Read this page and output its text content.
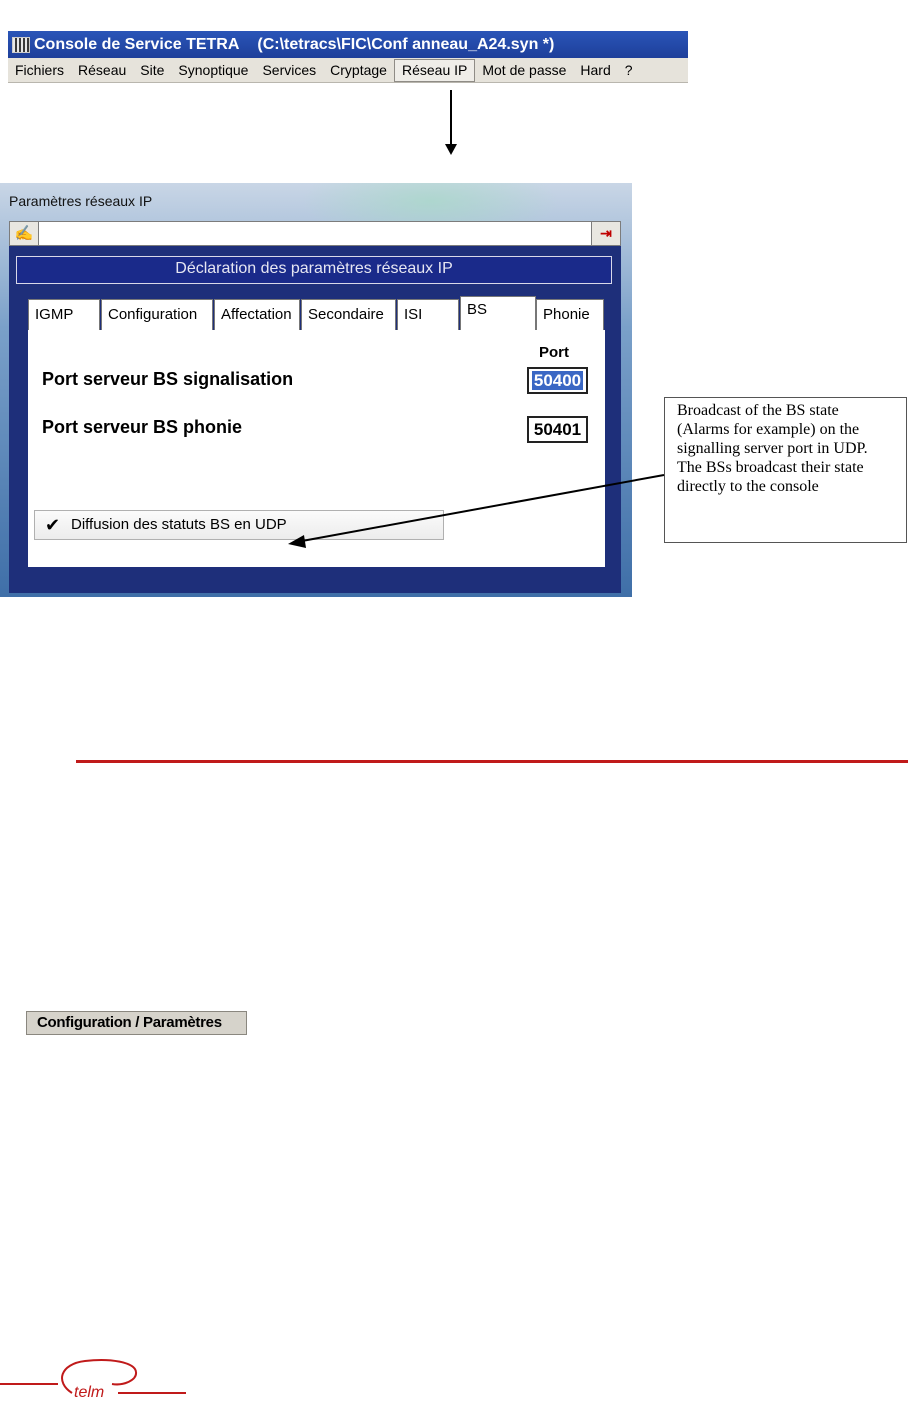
Console de Service TETRA (C:\tetracs\FIC\Conf anneau_A24.syn *)
Fichiers	Réseau	Site	Synoptique	Services	Cryptage	Réseau IP	Mot de passe	Hard	?
Paramètres réseaux IP
✍	⇥
Déclaration des paramètres réseaux IP
IGMP	Configuration	Affectation	Secondaire	ISI	BS	Phonie
Port
Port serveur BS signalisation	50400
Port serveur BS phonie	50401
✔ Diffusion des statuts BS en UDP
Broadcast of the BS state (Alarms for example) on the signalling server port in UDP. The BSs broadcast their state directly to the console
Configuration / Paramètres
telm
